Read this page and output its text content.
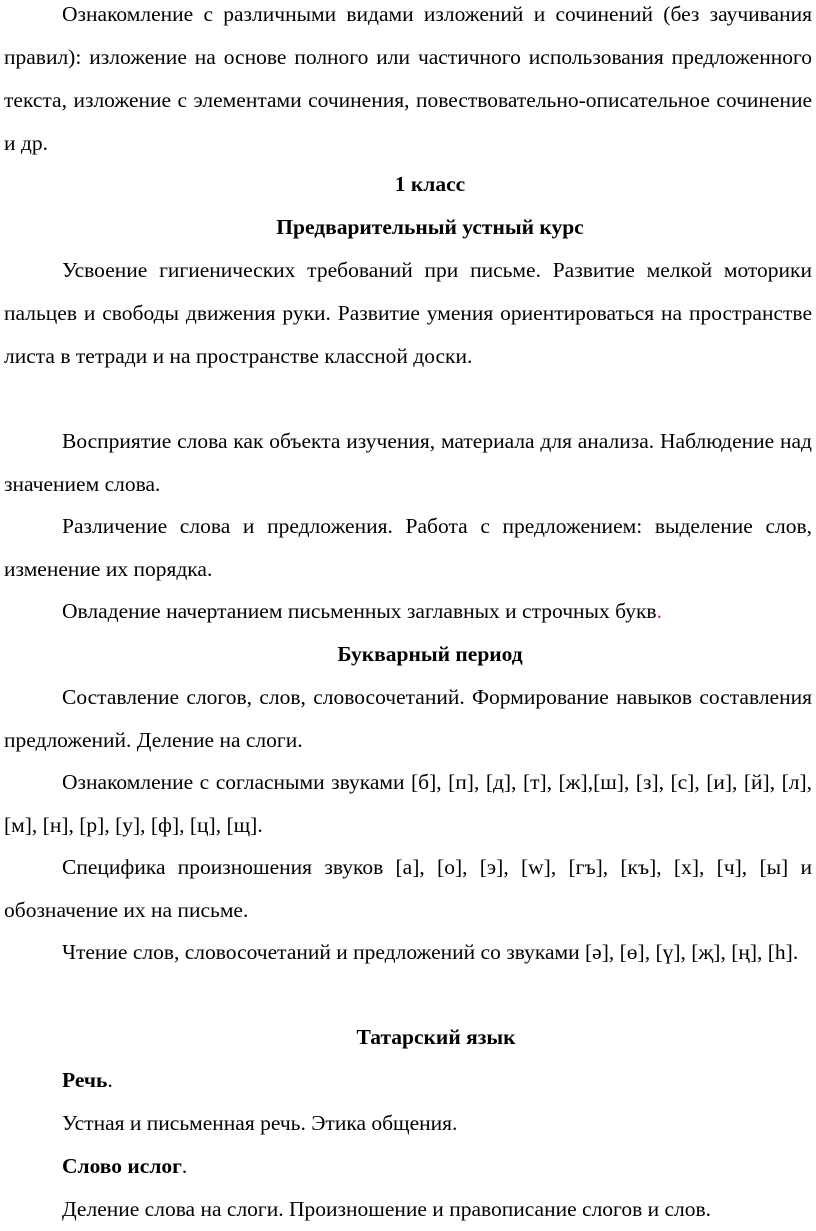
Ознакомление с различными видами изложений и сочинений (без заучивания правил): изложение на основе полного или частичного использования предложенного текста, изложение с элементами сочинения, повествовательно-описательное сочинение и др.

1 класс

Предварительный устный курс

Усвоение гигиенических требований при письме. Развитие мелкой моторики пальцев и свободы движения руки. Развитие умения ориентироваться на пространстве листа в тетради и на пространстве классной доски.

Восприятие слова как объекта изучения, материала для анализа. Наблюдение над значением слова.

Различение слова и предложения. Работа с предложением: выделение слов, изменение их порядка.

Овладение начертанием письменных заглавных и строчных букв.

Букварный период

Составление слогов, слов, словосочетаний. Формирование навыков составления предложений. Деление на слоги.

Ознакомление с согласными звуками [б], [п], [д], [т], [ж],[ш], [з], [с], [и], [й], [л], [м], [н], [р], [у], [ф], [ц], [щ].

Специфика произношения звуков [а], [о], [э], [w], [гъ], [къ], [х], [ч], [ы] и обозначение их на письме.

Чтение слов, словосочетаний и предложений со звуками [ə], [ө], [ү], [җ], [ң], [һ].

Татарский язык

Речь.

Устная и письменная речь. Этика общения.

Слово ислог.

Деление слова на слоги. Произношение и правописание слогов и слов.
